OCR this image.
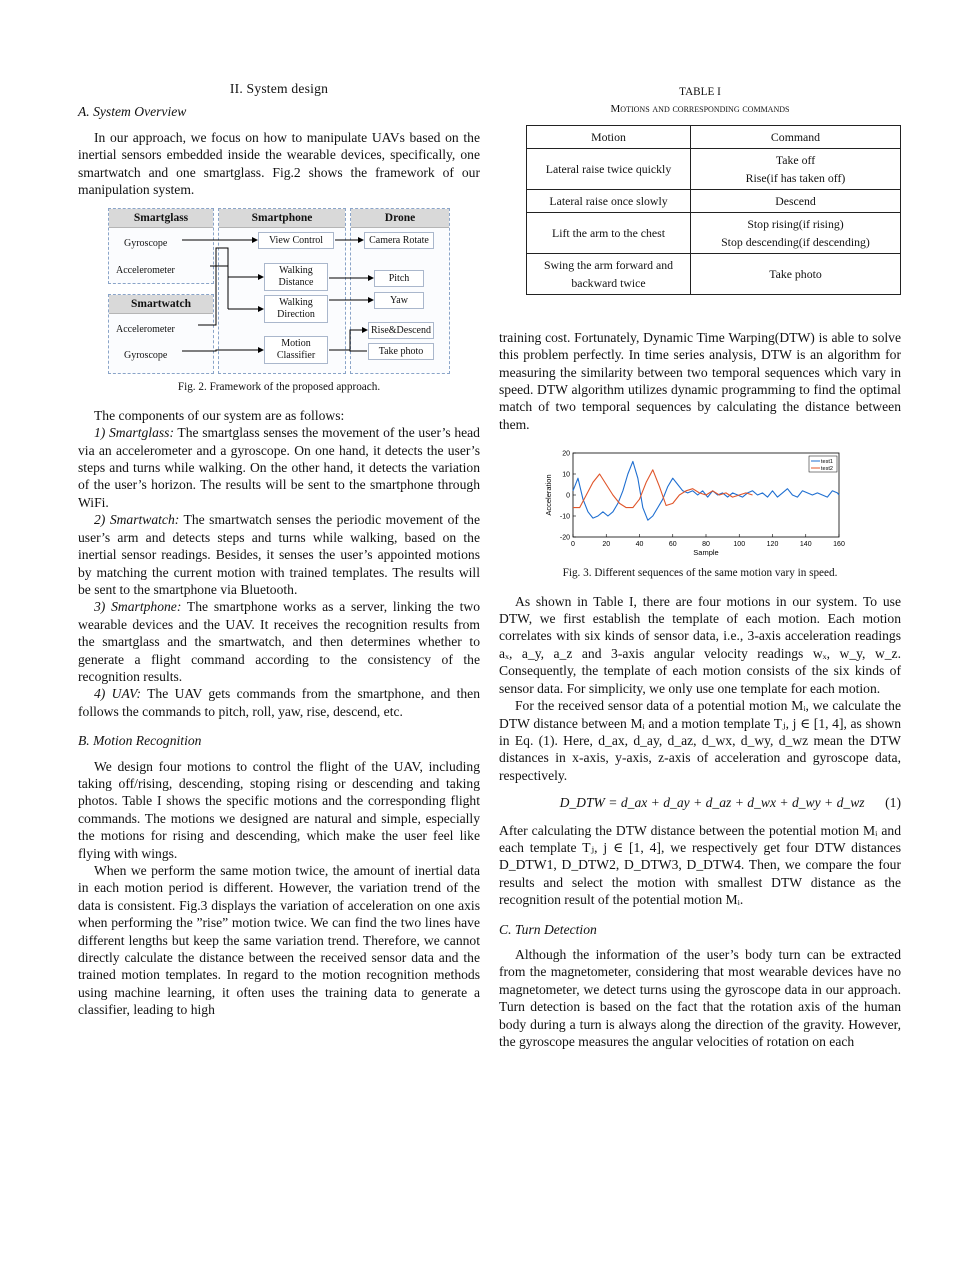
II. System design
A. System Overview

In our approach, we focus on how to manipulate UAVs based on the inertial sensors embedded inside the wearable devices, specifically, one smartwatch and one smartglass. Fig.2 shows the framework of our manipulation system.

Smartglass
Smartwatch
Smartphone	Drone
Gyroscope
Accelerometer
Accelerometer
Gyroscope
View Control
Walking Distance
Walking Direction
Motion Classifier
Camera Rotate
Pitch
Yaw
Rise&Descend
Take photo
Fig. 2. Framework of the proposed approach.

The components of our system are as follows:

1) Smartglass: The smartglass senses the movement of the user’s head via an accelerometer and a gyroscope. On one hand, it detects the user’s steps and turns while walking. On the other hand, it detects the variation of the user’s horizon. The results will be sent to the smartphone through WiFi.

2) Smartwatch: The smartwatch senses the periodic movement of the user’s arm and detects steps and turns while walking, based on the inertial sensor readings. Besides, it senses the user’s appointed motions by matching the current motion with trained templates. The results will be sent to the smartphone via Bluetooth.

3) Smartphone: The smartphone works as a server, linking the two wearable devices and the UAV. It receives the recognition results from the smartglass and the smartwatch, and then determines whether to generate a flight command according to the consistency of the recognition results.

4) UAV: The UAV gets commands from the smartphone, and then follows the commands to pitch, roll, yaw, rise, descend, etc.

B. Motion Recognition

We design four motions to control the flight of the UAV, including taking off/rising, descending, stoping rising or descending and taking photos. Table I shows the specific motions and the corresponding flight commands. The motions we designed are natural and simple, especially the motions for rising and descending, which make the user feel like flying with wings.

When we perform the same motion twice, the amount of inertial data in each motion period is different. However, the variation trend of the data is consistent. Fig.3 displays the variation of acceleration on one axis when performing the ”rise” motion twice. We can find the two lines have different lengths but keep the same variation trend. Therefore, we cannot directly calculate the distance between the received sensor data and the trained motion templates. In regard to the motion recognition methods using machine learning, it often uses the training data to generate a classifier, leading to high

TABLE I
Motions and corresponding commands
Motion	Command
Lateral raise twice quickly	Take off
Rise(if has taken off)

Lateral raise once slowly	Descend
Lift the arm to the chest	Stop rising(if rising)
Stop descending(if descending)

Swing the arm forward and backward twice	Take photo

training cost. Fortunately, Dynamic Time Warping(DTW) is able to solve this problem perfectly. In time series analysis, DTW is an algorithm for measuring the similarity between two temporal sequences which vary in speed. DTW algorithm utilizes dynamic programming to find the optimal match of two temporal sequences by calculating the distance between them.

0	20	40	60	80	100	120	140	160
-20
-10
0
10
20
Sample
Acceleration
test1
test2
Fig. 3. Different sequences of the same motion vary in speed.

As shown in Table I, there are four motions in our system. To use DTW, we first establish the template of each motion. Each motion correlates with six kinds of sensor data, i.e., 3-axis acceleration readings aₓ, a_y, a_z and 3-axis angular velocity readings wₓ, w_y, w_z. Consequently, the template of each motion consists of the six kinds of sensor data. For simplicity, we only use one template for each motion.

For the received sensor data of a potential motion Mᵢ, we calculate the DTW distance between Mᵢ and a motion template Tⱼ, j ∈ [1, 4], as shown in Eq. (1). Here, d_ax, d_ay, d_az, d_wx, d_wy, d_wz mean the DTW distances in x-axis, y-axis, z-axis of acceleration and gyroscope data, respectively.

D_DTW = d_ax + d_ay + d_az + d_wx + d_wy + d_wz	(1)

After calculating the DTW distance between the potential motion Mᵢ and each template Tⱼ, j ∈ [1, 4], we respectively get four DTW distances D_DTW1, D_DTW2, D_DTW3, D_DTW4. Then, we compare the four results and select the motion with smallest DTW distance as the recognition result of the potential motion Mᵢ.

C. Turn Detection

Although the information of the user’s body turn can be extracted from the magnetometer, considering that most wearable devices have no magnetometer, we detect turns using the gyroscope data in our approach. Turn detection is based on the fact that the rotation axis of the human body during a turn is always along the direction of the gravity. However, the gyroscope measures the angular velocities of rotation on each
